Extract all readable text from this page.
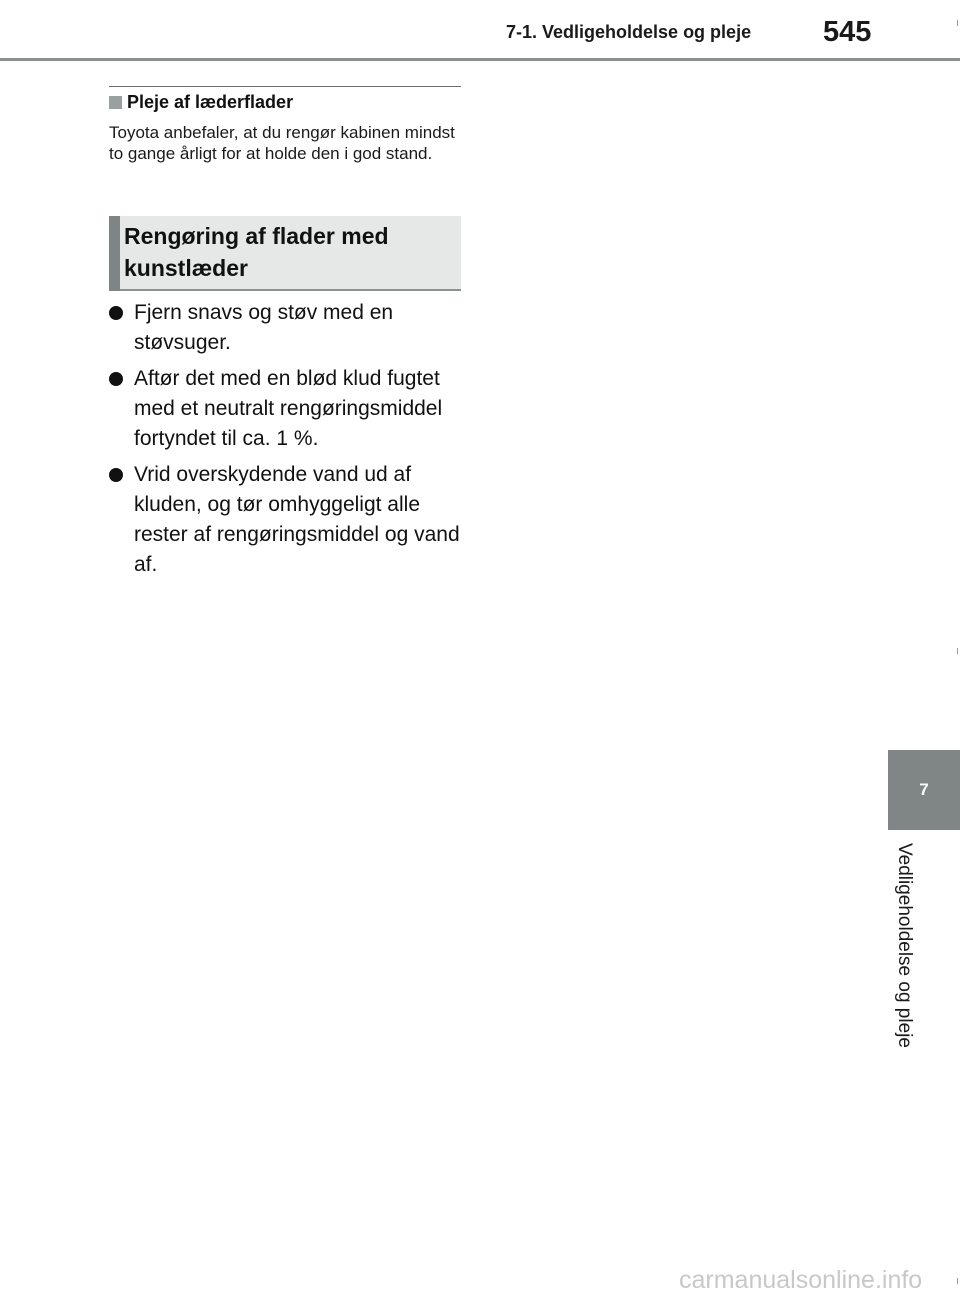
7-1. Vedligeholdelse og pleje 545
Pleje af læderflader
Toyota anbefaler, at du rengør kabinen mindst to gange årligt for at holde den i god stand.
Rengøring af flader med kunstlæder
Fjern snavs og støv med en støvsuger.
Aftør det med en blød klud fugtet med et neutralt rengøringsmiddel fortyndet til ca. 1 %.
Vrid overskydende vand ud af kluden, og tør omhyggeligt alle rester af rengøringsmiddel og vand af.
7
Vedligeholdelse og pleje
carmanualsonline.info
